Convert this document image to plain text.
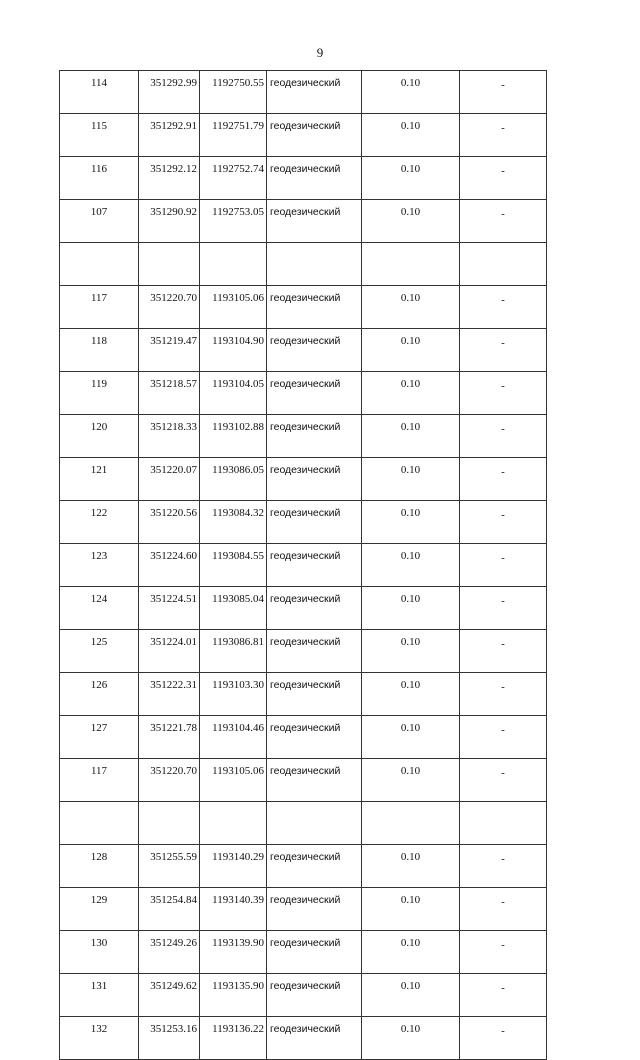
9
114	351292.99	1192750.55	геодезический	0.10	-
115	351292.91	1192751.79	геодезический	0.10	-
116	351292.12	1192752.74	геодезический	0.10	-
107	351290.92	1192753.05	геодезический	0.10	-

117	351220.70	1193105.06	геодезический	0.10	-
118	351219.47	1193104.90	геодезический	0.10	-
119	351218.57	1193104.05	геодезический	0.10	-
120	351218.33	1193102.88	геодезический	0.10	-
121	351220.07	1193086.05	геодезический	0.10	-
122	351220.56	1193084.32	геодезический	0.10	-
123	351224.60	1193084.55	геодезический	0.10	-
124	351224.51	1193085.04	геодезический	0.10	-
125	351224.01	1193086.81	геодезический	0.10	-
126	351222.31	1193103.30	геодезический	0.10	-
127	351221.78	1193104.46	геодезический	0.10	-
117	351220.70	1193105.06	геодезический	0.10	-

128	351255.59	1193140.29	геодезический	0.10	-
129	351254.84	1193140.39	геодезический	0.10	-
130	351249.26	1193139.90	геодезический	0.10	-
131	351249.62	1193135.90	геодезический	0.10	-
132	351253.16	1193136.22	геодезический	0.10	-
